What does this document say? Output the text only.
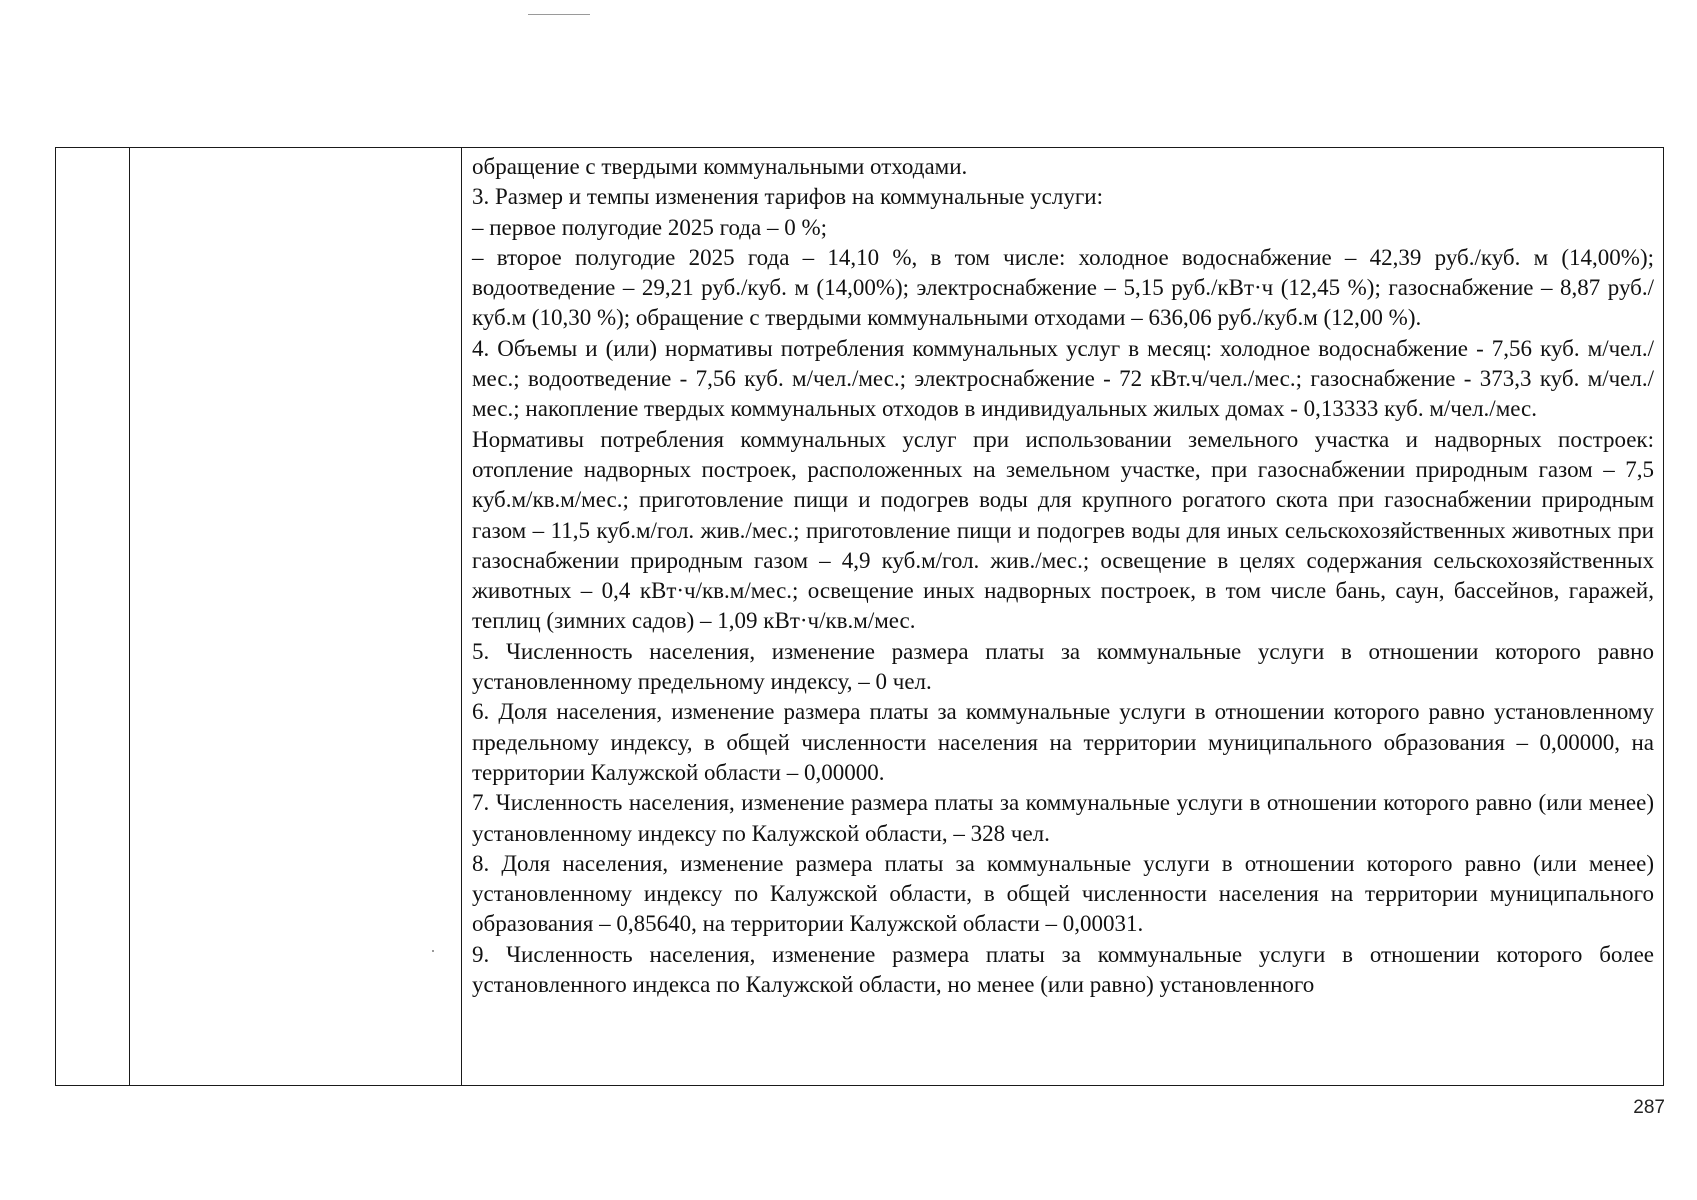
обращение с твердыми коммунальными отходами.

3. Размер и темпы изменения тарифов на коммунальные услуги:

– первое полугодие 2025 года – 0 %;

– второе полугодие 2025 года – 14,10 %, в том числе: холодное водоснабжение – 42,39 руб./куб. м (14,00%); водоотведение – 29,21 руб./куб. м (14,00%); электроснабжение – 5,15 руб./кВт·ч (12,45 %); газоснабжение – 8,87 руб./куб.м (10,30 %); обращение с твердыми коммунальными отходами – 636,06 руб./куб.м (12,00 %).

4. Объемы и (или) нормативы потребления коммунальных услуг в месяц: холодное водоснабжение - 7,56 куб. м/чел./мес.; водоотведение - 7,56 куб. м/чел./мес.; электроснабжение - 72 кВт.ч/чел./мес.; газоснабжение - 373,3 куб. м/чел./мес.; накопление твердых коммунальных отходов в индивидуальных жилых домах - 0,13333 куб. м/чел./мес.

Нормативы потребления коммунальных услуг при использовании земельного участка и надворных построек: отопление надворных построек, расположенных на земельном участке, при газоснабжении природным газом – 7,5 куб.м/кв.м/мес.; приготовление пищи и подогрев воды для крупного рогатого скота при газоснабжении природным газом – 11,5 куб.м/гол. жив./мес.; приготовление пищи и подогрев воды для иных сельскохозяйственных животных при газоснабжении природным газом – 4,9 куб.м/гол. жив./мес.; освещение в целях содержания сельскохозяйственных животных – 0,4 кВт·ч/кв.м/мес.; освещение иных надворных построек, в том числе бань, саун, бассейнов, гаражей, теплиц (зимних садов) – 1,09 кВт·ч/кв.м/мес.

5. Численность населения, изменение размера платы за коммунальные услуги в отношении которого равно установленному предельному индексу, – 0 чел.

6. Доля населения, изменение размера платы за коммунальные услуги в отношении которого равно установленному предельному индексу, в общей численности населения на территории муниципального образования – 0,00000, на территории Калужской области – 0,00000.

7. Численность населения, изменение размера платы за коммунальные услуги в отношении которого равно (или менее) установленному индексу по Калужской области, – 328 чел.

8. Доля населения, изменение размера платы за коммунальные услуги в отношении которого равно (или менее) установленному индексу по Калужской области, в общей численности населения на территории муниципального образования – 0,85640, на территории Калужской области – 0,00031.

9. Численность населения, изменение размера платы за коммунальные услуги в отношении которого более установленного индекса по Калужской области, но менее (или равно) установленного

287
